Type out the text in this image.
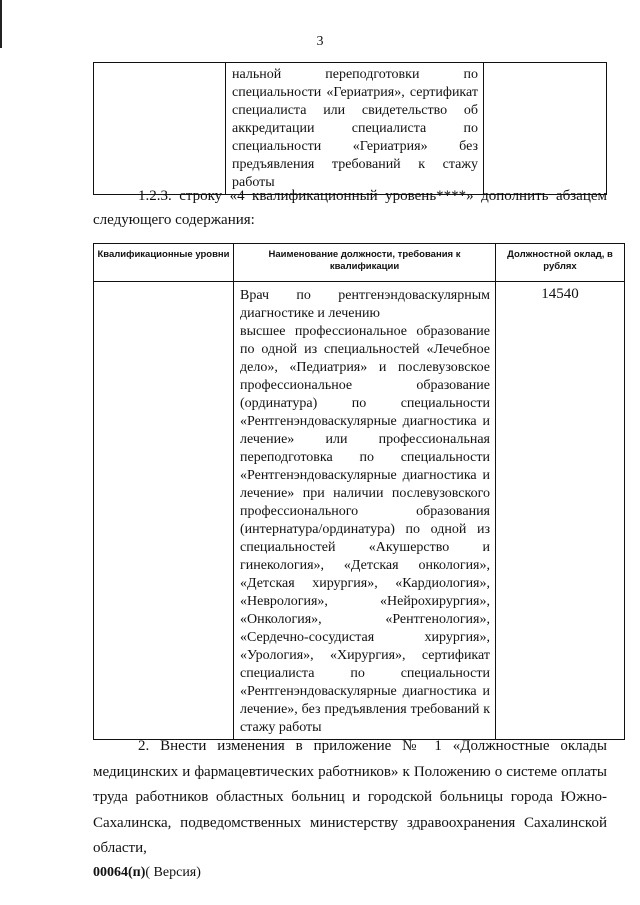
3

нальной переподготовки по специальности «Гериатрия», сертификат специалиста или свидетельство об аккредитации специалиста по специальности «Гериатрия» без предъявления требований к стажу работы

1.2.3. строку «4 квалификационный уровень****» дополнить абзацем следующего содержания:
Квалификационные уровни	Наименование должности, требования к квалификации	Должностной оклад, в рублях

	Врач по рентгенэндоваскулярным диагностике и лечению
высшее профессиональное образование по одной из специальностей «Лечебное дело», «Педиатрия» и послевузовское профессиональное образование (ординатура) по специальности «Рентгенэндоваскулярные диагностика и лечение» или профессиональная переподготовка по специальности «Рентгенэндоваскулярные диагностика и лечение» при наличии послевузовского профессионального образования (интернатура/ординатура) по одной из специальностей «Акушерство и гинекология», «Детская онкология», «Детская хирургия», «Кардиология», «Неврология», «Нейрохирургия», «Онкология», «Рентгенология», «Сердечно-сосудистая хирургия», «Урология», «Хирургия», сертификат специалиста по специальности «Рентгенэндоваскулярные диагностика и лечение», без предъявления требований к стажу работы	14540
2. Внести изменения в приложение № 1 «Должностные оклады медицинских и фармацевтических работников» к Положению о системе оплаты труда работников областных больниц и городской больницы города Южно-Сахалинска, подведомственных министерству здравоохранения Сахалинской области,
00064(п)( Версия)
